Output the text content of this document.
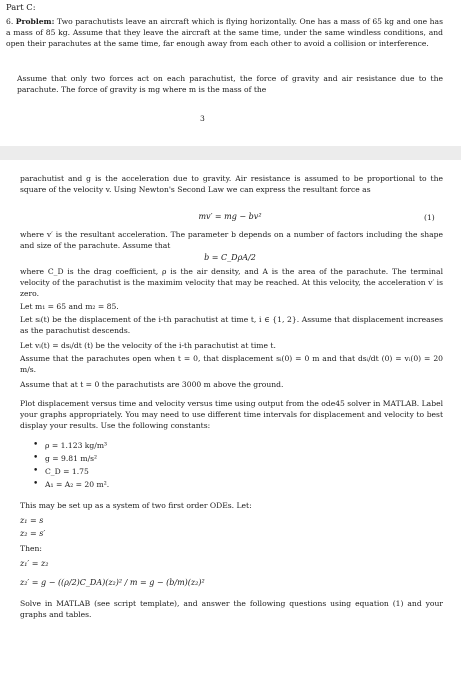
Part C:
6. Problem: Two parachutists leave an aircraft which is flying horizontally. One has a mass of 65 kg and one has a mass of 85 kg. Assume that they leave the aircraft at the same time, under the same windless conditions, and open their parachutes at the same time, far enough away from each other to avoid a collision or interference.
Assume that only two forces act on each parachutist, the force of gravity and air resistance due to the parachute. The force of gravity is mg where m is the mass of the
3
parachutist and g is the acceleration due to gravity. Air resistance is assumed to be proportional to the square of the velocity v. Using Newton's Second Law we can express the resultant force as
mv′ = mg − bv²	(1)
where v′ is the resultant acceleration. The parameter b depends on a number of factors including the shape and size of the parachute. Assume that
b = C_DρA/2
where C_D is the drag coefficient, ρ is the air density, and A is the area of the parachute. The terminal velocity of the parachutist is the maximim velocity that may be reached. At this velocity, the acceleration v′ is zero.
Let m₁ = 65 and m₂ = 85.
Let sᵢ(t) be the displacement of the i-th parachutist at time t, i ∈ {1, 2}. Assume that displacement increases as the parachutist descends.
Let vᵢ(t) = dsᵢ/dt (t) be the velocity of the i-th parachutist at time t.
Assume that the parachutes open when t = 0, that displacement sᵢ(0) = 0 m and that dsᵢ/dt (0) = vᵢ(0) = 20 m/s.
Assume that at t = 0 the parachutists are 3000 m above the ground.
Plot displacement versus time and velocity versus time using output from the ode45 solver in MATLAB. Label your graphs appropriately. You may need to use different time intervals for displacement and velocity to best display your results. Use the following constants:
• ρ = 1.123 kg/m³
• g = 9.81 m/s²
• C_D = 1.75
• A₁ = A₂ = 20 m².
This may be set up as a system of two first order ODEs. Let:
z₁ = s
z₂ = s′
Then:
z₁′ = z₂
z₂′ = g − ((ρ/2)C_DA)(z₂)² / m = g − (b/m)(z₂)²
Solve in MATLAB (see script template), and answer the following questions using equation (1) and your graphs and tables.
